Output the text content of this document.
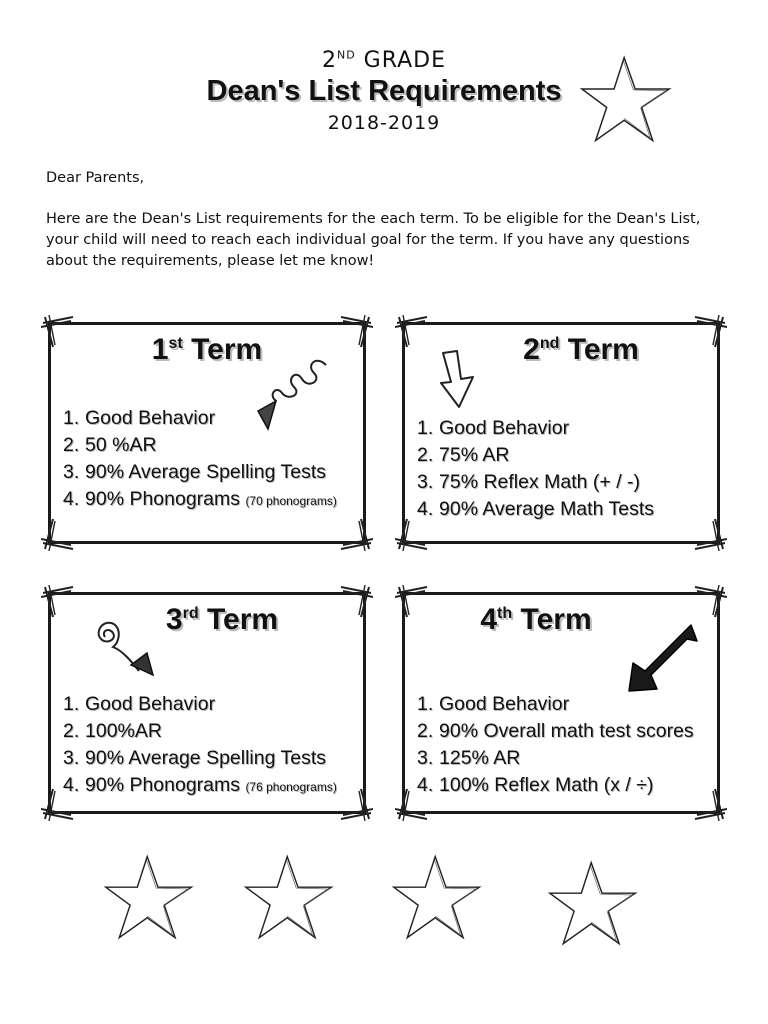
2ND GRADE
Dean's List Requirements
2018-2019

Dear Parents,

Here are the Dean's List requirements for the each term. To be eligible for the Dean's List,

your child will need to reach each individual goal for the term. If you have any questions

about the requirements, please let me know!

1st Term
1. Good Behavior
2. 50 %AR
3. 90% Average Spelling Tests
4. 90% Phonograms (70 phonograms)
2nd Term
1. Good Behavior
2. 75% AR
3. 75% Reflex Math (+ / -)
4. 90% Average Math Tests
3rd Term
1. Good Behavior
2. 100%AR
3. 90% Average Spelling Tests
4. 90% Phonograms (76 phonograms)
4th Term
1. Good Behavior
2. 90% Overall math test scores
3. 125% AR
4. 100% Reflex Math (x / ÷)
